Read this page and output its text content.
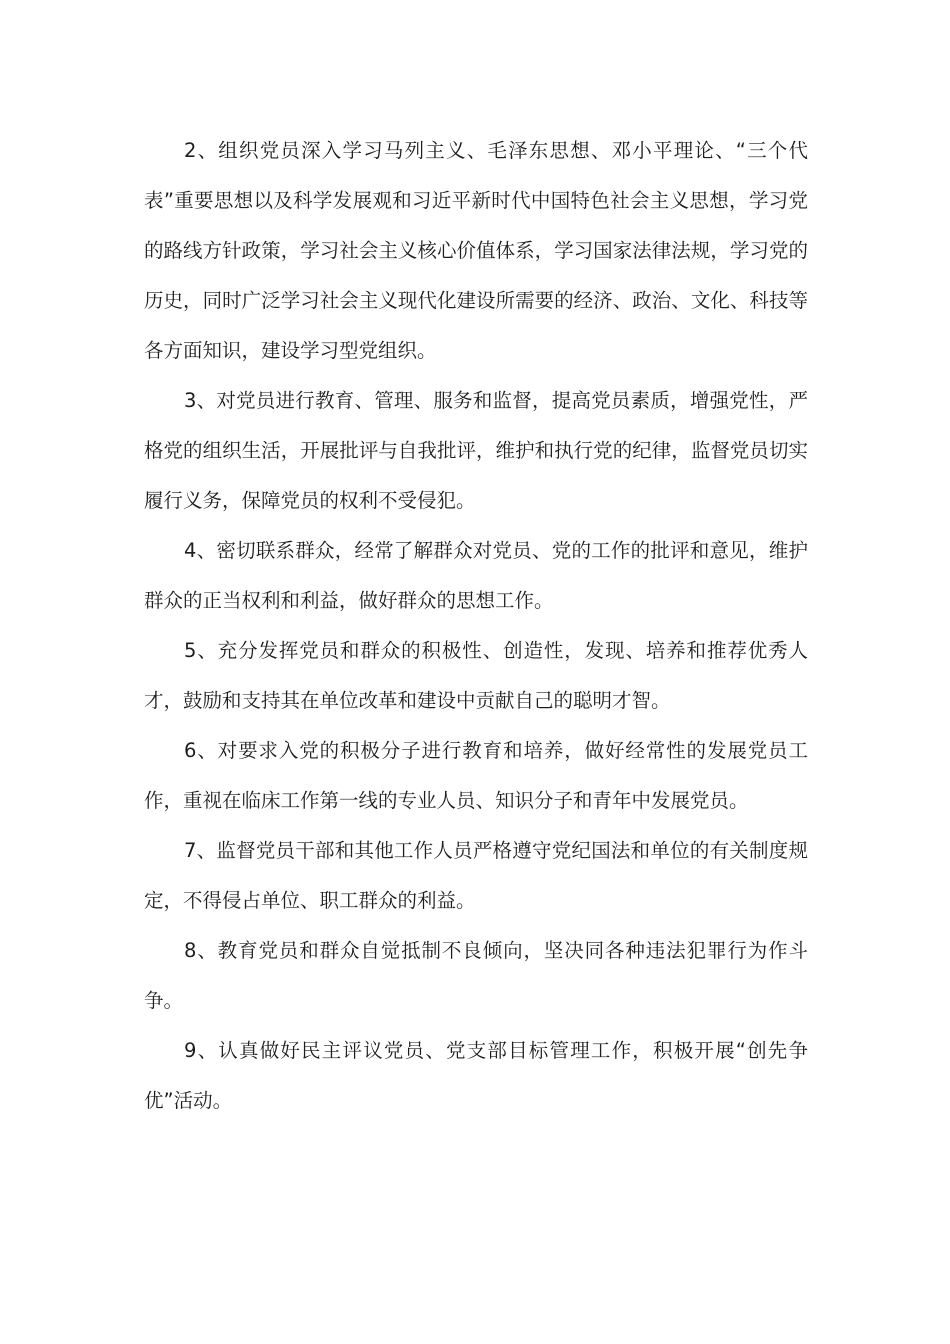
2、组织党员深入学习马列主义、毛泽东思想、邓小平理论、“三个代表”重要思想以及科学发展观和习近平新时代中国特色社会主义思想，学习党的路线方针政策，学习社会主义核心价值体系，学习国家法律法规，学习党的历史，同时广泛学习社会主义现代化建设所需要的经济、政治、文化、科技等各方面知识，建设学习型党组织。

3、对党员进行教育、管理、服务和监督，提高党员素质，增强党性，严格党的组织生活，开展批评与自我批评，维护和执行党的纪律，监督党员切实履行义务，保障党员的权利不受侵犯。

4、密切联系群众，经常了解群众对党员、党的工作的批评和意见，维护群众的正当权利和利益，做好群众的思想工作。

5、充分发挥党员和群众的积极性、创造性，发现、培养和推荐优秀人才，鼓励和支持其在单位改革和建设中贡献自己的聪明才智。

6、对要求入党的积极分子进行教育和培养，做好经常性的发展党员工作，重视在临床工作第一线的专业人员、知识分子和青年中发展党员。

7、监督党员干部和其他工作人员严格遵守党纪国法和单位的有关制度规定，不得侵占单位、职工群众的利益。

8、教育党员和群众自觉抵制不良倾向，坚决同各种违法犯罪行为作斗争。

9、认真做好民主评议党员、党支部目标管理工作，积极开展“创先争优”活动。
